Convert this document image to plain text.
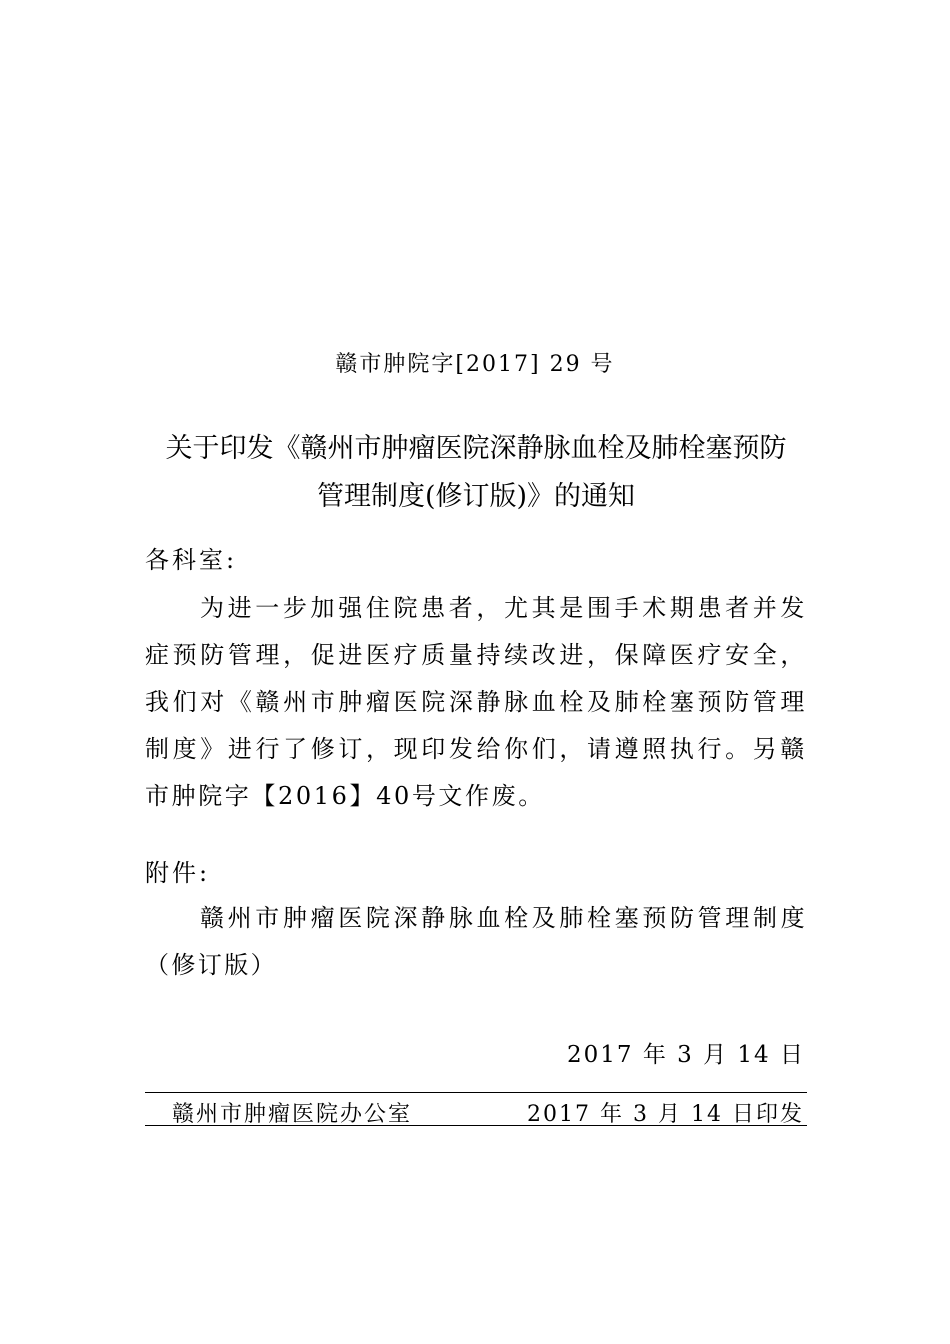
赣市肿院字[2017] 29 号
关于印发《赣州市肿瘤医院深静脉血栓及肺栓塞预防
管理制度(修订版)》的通知
各科室:
为进一步加强住院患者，尤其是围手术期患者并发症预防管理，促进医疗质量持续改进，保障医疗安全，我们对《赣州市肿瘤医院深静脉血栓及肺栓塞预防管理制度》进行了修订，现印发给你们，请遵照执行。另赣市肿院字【2016】40号文作废。
附件:
赣州市肿瘤医院深静脉血栓及肺栓塞预防管理制度（修订版）
2017 年 3 月 14 日
赣州市肿瘤医院办公室	2017 年 3 月 14 日印发
